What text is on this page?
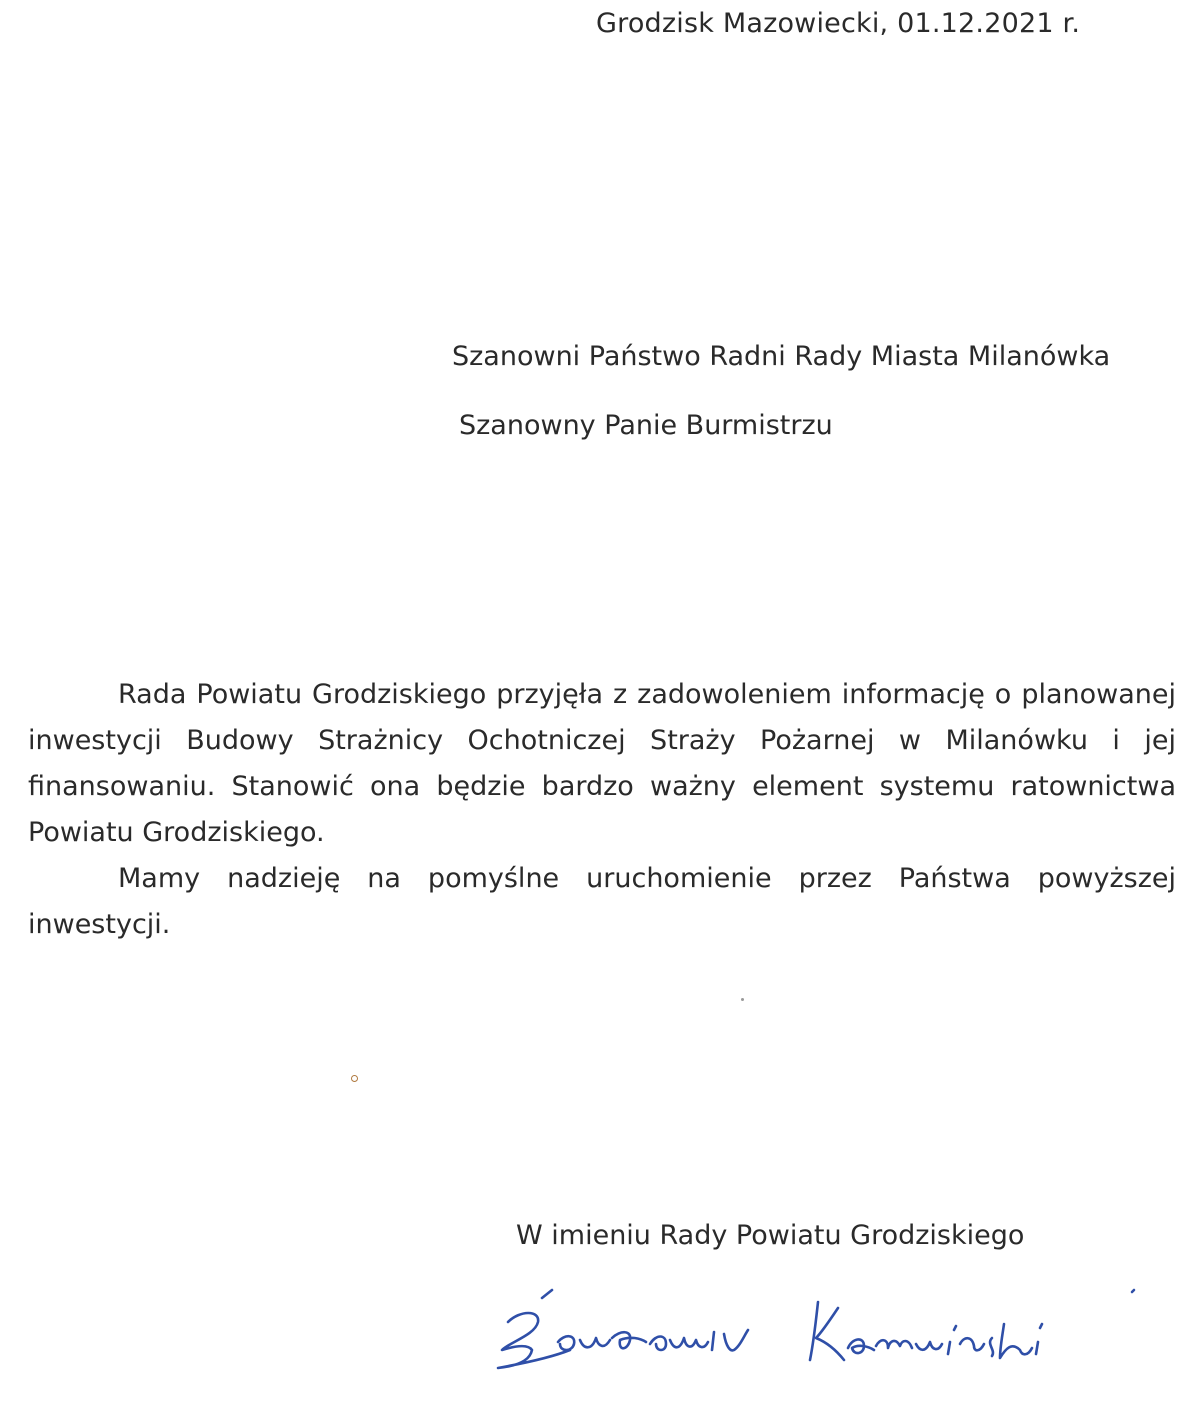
Grodzisk Mazowiecki, 01.12.2021 r.
Szanowni Państwo Radni Rady Miasta Milanówka
Szanowny Panie Burmistrzu

Rada Powiatu Grodziskiego przyjęła z zadowoleniem informację o planowanej inwestycji Budowy Strażnicy Ochotniczej Straży Pożarnej w Milanówku i jej finansowaniu. Stanowić ona będzie bardzo ważny element systemu ratownictwa Powiatu Grodziskiego.

Mamy nadzieję na pomyślne uruchomienie przez Państwa powyższej inwestycji.

W imieniu Rady Powiatu Grodziskiego
